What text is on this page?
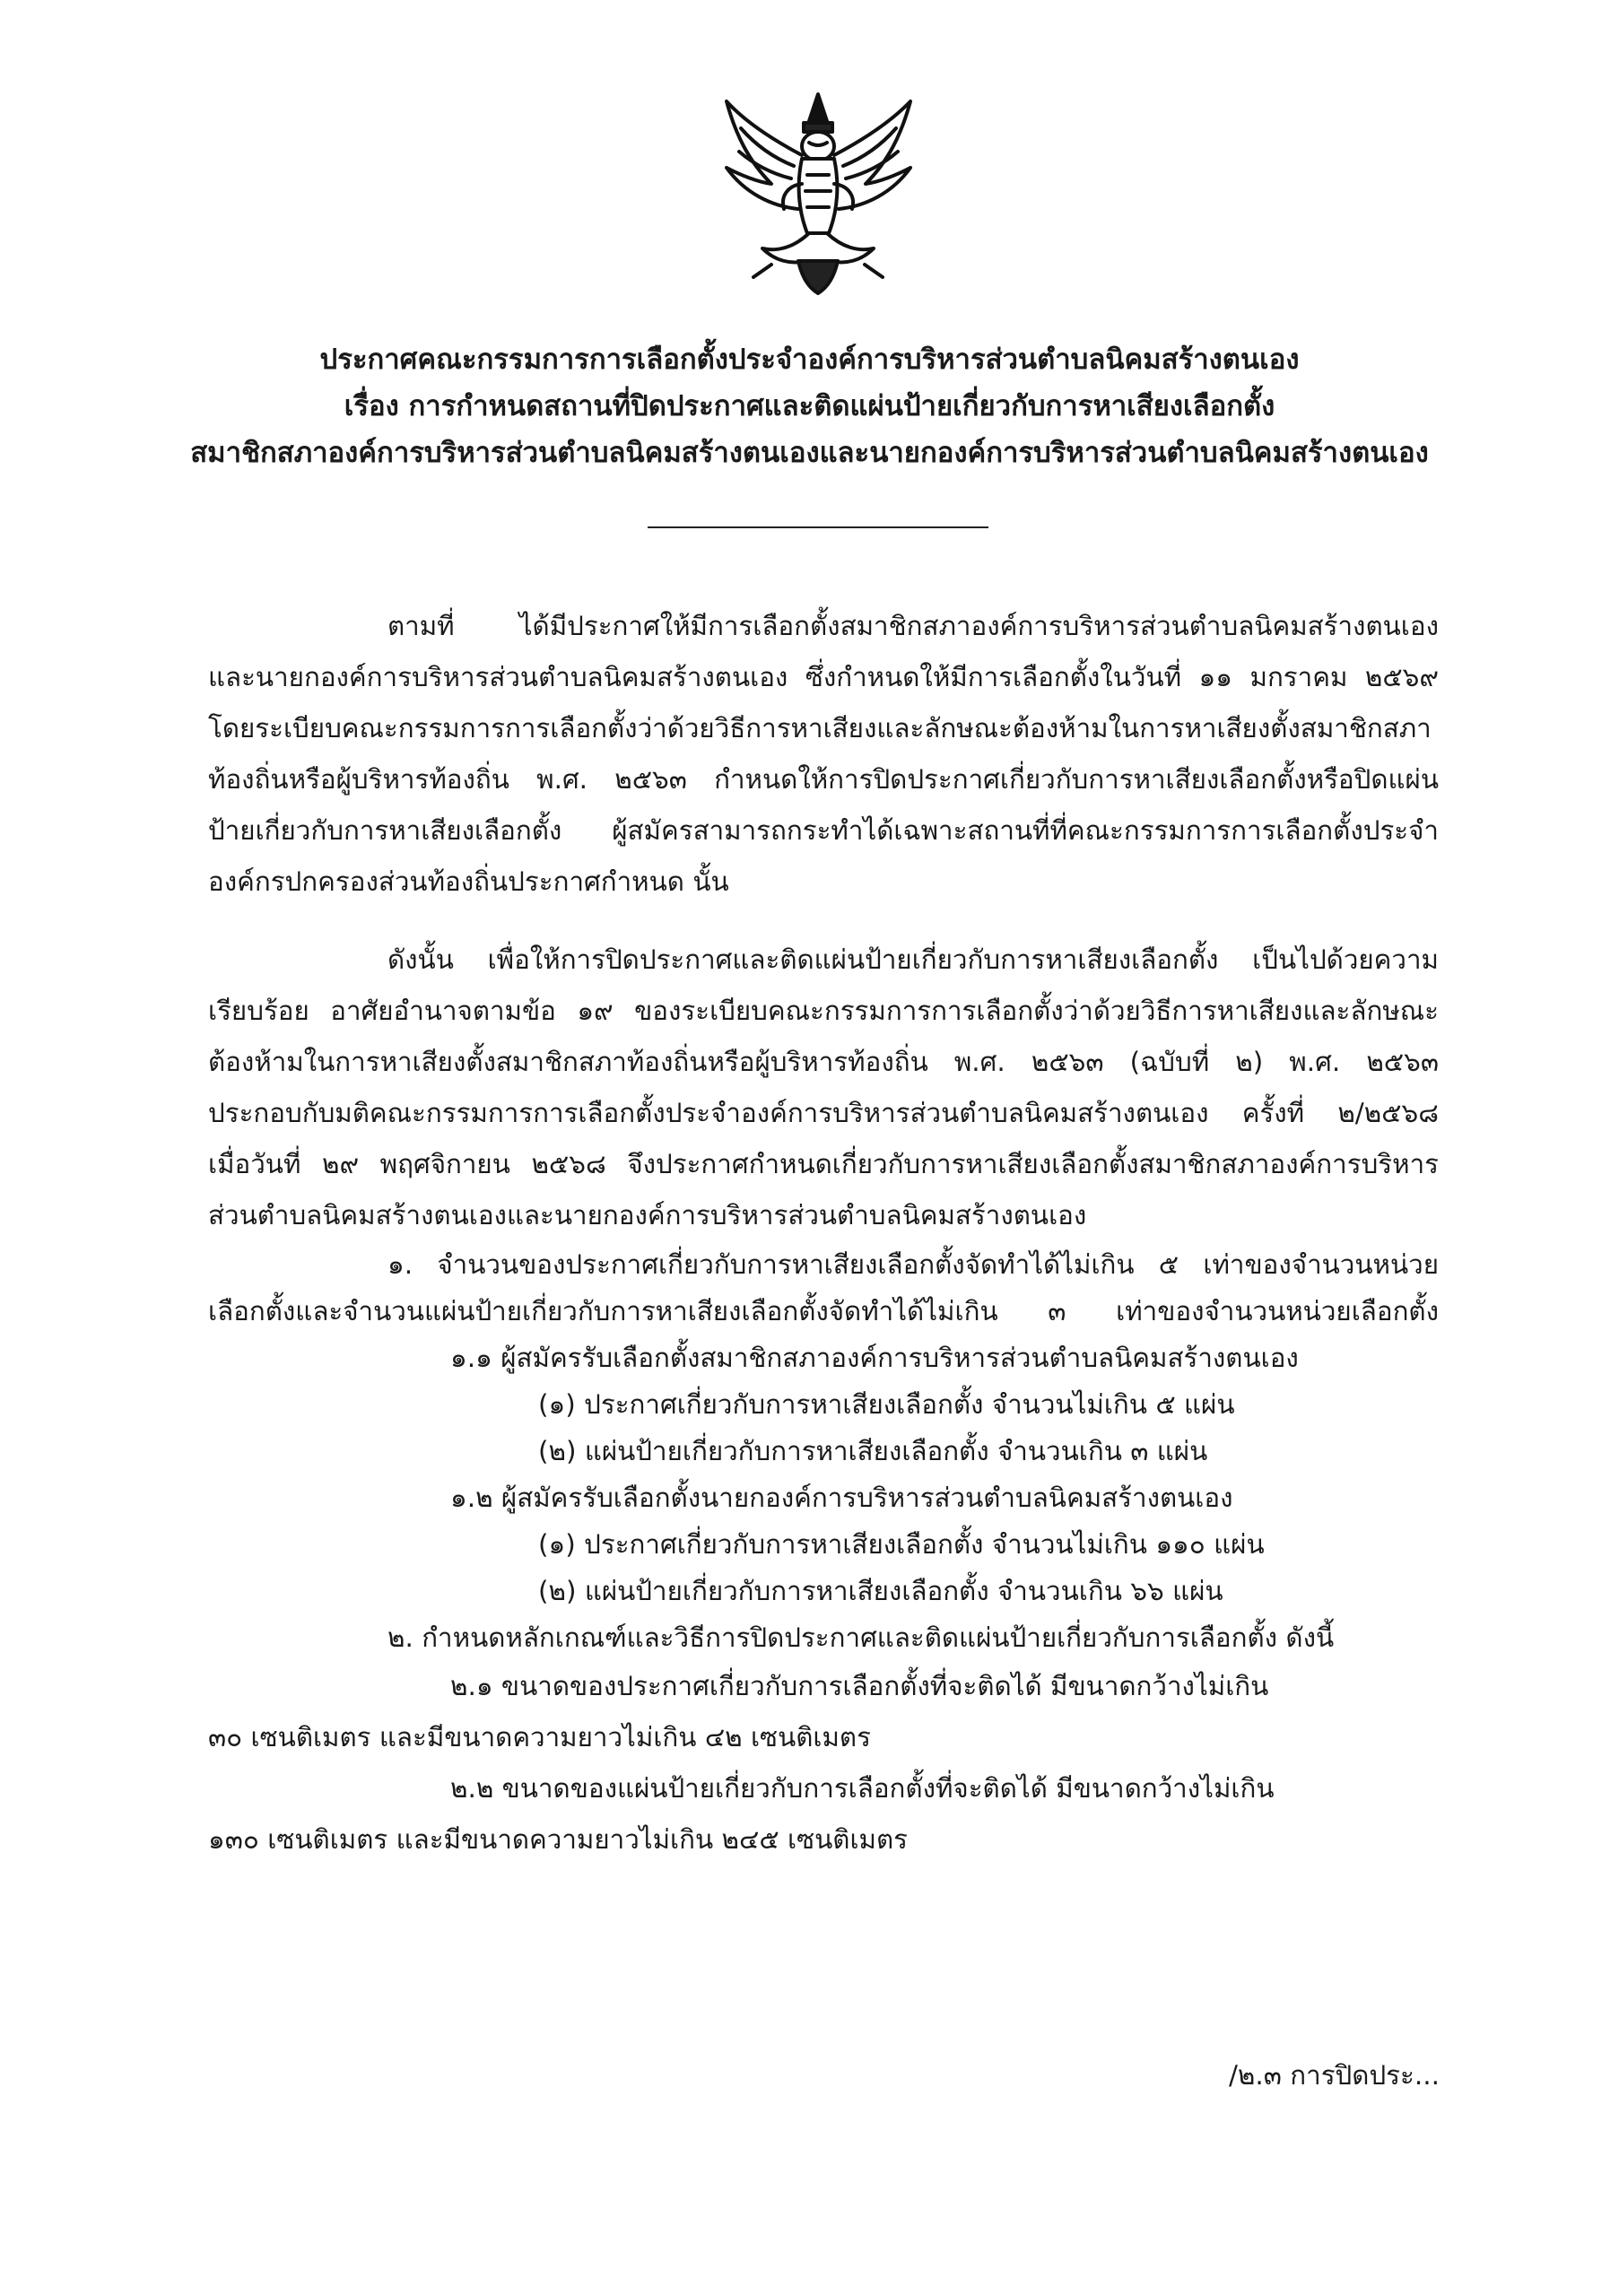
ประกาศคณะกรรมการการเลือกตั้งประจำองค์การบริหารส่วนตำบลนิคมสร้างตนเอง
เรื่อง การกำหนดสถานที่ปิดประกาศและติดแผ่นป้ายเกี่ยวกับการหาเสียงเลือกตั้ง
สมาชิกสภาองค์การบริหารส่วนตำบลนิคมสร้างตนเองและนายกองค์การบริหารส่วนตำบลนิคมสร้างตนเอง
ตามที่ ได้มีประกาศให้มีการเลือกตั้งสมาชิกสภาองค์การบริหารส่วนตำบลนิคมสร้างตนเอง
และนายกองค์การบริหารส่วนตำบลนิคมสร้างตนเอง ซึ่งกำหนดให้มีการเลือกตั้งในวันที่ ๑๑ มกราคม ๒๕๖๙
โดยระเบียบคณะกรรมการการเลือกตั้งว่าด้วยวิธีการหาเสียงและลักษณะต้องห้ามในการหาเสียงตั้งสมาชิกสภา
ท้องถิ่นหรือผู้บริหารท้องถิ่น พ.ศ. ๒๕๖๓ กำหนดให้การปิดประกาศเกี่ยวกับการหาเสียงเลือกตั้งหรือปิดแผ่น
ป้ายเกี่ยวกับการหาเสียงเลือกตั้ง ผู้สมัครสามารถกระทำได้เฉพาะสถานที่ที่คณะกรรมการการเลือกตั้งประจำ
องค์กรปกครองส่วนท้องถิ่นประกาศกำหนด นั้น
ดังนั้น เพื่อให้การปิดประกาศและติดแผ่นป้ายเกี่ยวกับการหาเสียงเลือกตั้ง เป็นไปด้วยความ
เรียบร้อย อาศัยอำนาจตามข้อ ๑๙ ของระเบียบคณะกรรมการการเลือกตั้งว่าด้วยวิธีการหาเสียงและลักษณะ
ต้องห้ามในการหาเสียงตั้งสมาชิกสภาท้องถิ่นหรือผู้บริหารท้องถิ่น พ.ศ. ๒๕๖๓ (ฉบับที่ ๒) พ.ศ. ๒๕๖๓
ประกอบกับมติคณะกรรมการการเลือกตั้งประจำองค์การบริหารส่วนตำบลนิคมสร้างตนเอง ครั้งที่ ๒/๒๕๖๘
เมื่อวันที่ ๒๙ พฤศจิกายน ๒๕๖๘ จึงประกาศกำหนดเกี่ยวกับการหาเสียงเลือกตั้งสมาชิกสภาองค์การบริหาร
ส่วนตำบลนิคมสร้างตนเองและนายกองค์การบริหารส่วนตำบลนิคมสร้างตนเอง
๑. จำนวนของประกาศเกี่ยวกับการหาเสียงเลือกตั้งจัดทำได้ไม่เกิน ๕ เท่าของจำนวนหน่วย
เลือกตั้งและจำนวนแผ่นป้ายเกี่ยวกับการหาเสียงเลือกตั้งจัดทำได้ไม่เกิน ๓ เท่าของจำนวนหน่วยเลือกตั้ง
๑.๑ ผู้สมัครรับเลือกตั้งสมาชิกสภาองค์การบริหารส่วนตำบลนิคมสร้างตนเอง
(๑) ประกาศเกี่ยวกับการหาเสียงเลือกตั้ง จำนวนไม่เกิน ๕ แผ่น
(๒) แผ่นป้ายเกี่ยวกับการหาเสียงเลือกตั้ง จำนวนเกิน ๓ แผ่น
๑.๒ ผู้สมัครรับเลือกตั้งนายกองค์การบริหารส่วนตำบลนิคมสร้างตนเอง
(๑) ประกาศเกี่ยวกับการหาเสียงเลือกตั้ง จำนวนไม่เกิน ๑๑๐ แผ่น
(๒) แผ่นป้ายเกี่ยวกับการหาเสียงเลือกตั้ง จำนวนเกิน ๖๖ แผ่น
๒. กำหนดหลักเกณฑ์และวิธีการปิดประกาศและติดแผ่นป้ายเกี่ยวกับการเลือกตั้ง ดังนี้
๒.๑ ขนาดของประกาศเกี่ยวกับการเลือกตั้งที่จะติดได้ มีขนาดกว้างไม่เกิน
๓๐ เซนติเมตร และมีขนาดความยาวไม่เกิน ๔๒ เซนติเมตร
๒.๒ ขนาดของแผ่นป้ายเกี่ยวกับการเลือกตั้งที่จะติดได้ มีขนาดกว้างไม่เกิน
๑๓๐ เซนติเมตร และมีขนาดความยาวไม่เกิน ๒๔๕ เซนติเมตร
/๒.๓ การปิดประ...
